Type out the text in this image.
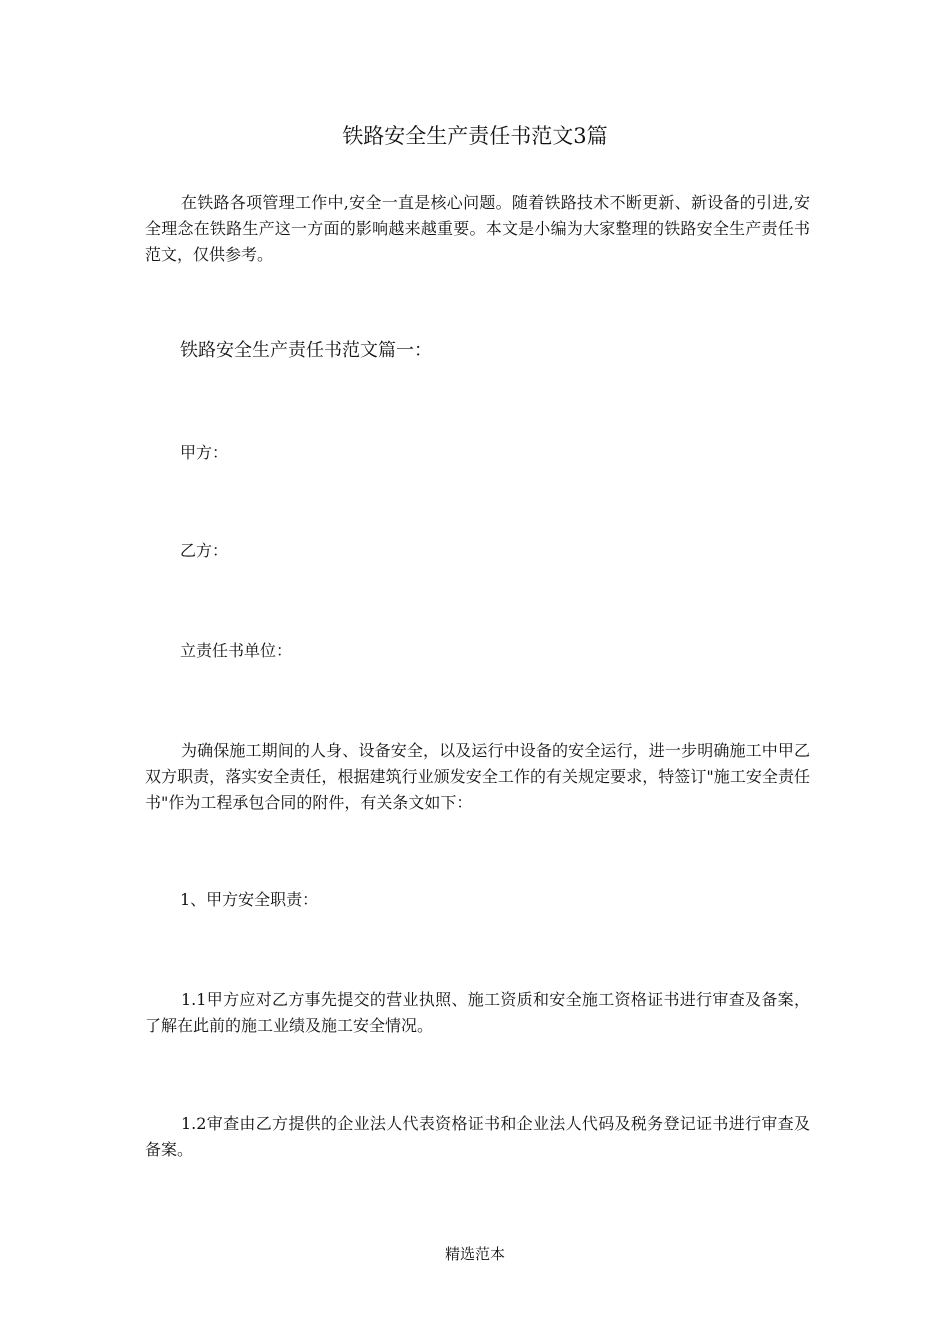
铁路安全生产责任书范文3篇

在铁路各项管理工作中,安全一直是核心问题。随着铁路技术不断更新、新设备的引进,安全理念在铁路生产这一方面的影响越来越重要。本文是小编为大家整理的铁路安全生产责任书范文，仅供参考。

铁路安全生产责任书范文篇一：

甲方：

乙方：

立责任书单位：

为确保施工期间的人身、设备安全，以及运行中设备的安全运行，进一步明确施工中甲乙双方职责，落实安全责任，根据建筑行业颁发安全工作的有关规定要求，特签订"施工安全责任书"作为工程承包合同的附件，有关条文如下：

1、甲方安全职责：

1.1甲方应对乙方事先提交的营业执照、施工资质和安全施工资格证书进行审查及备案，了解在此前的施工业绩及施工安全情况。

1.2审查由乙方提供的企业法人代表资格证书和企业法人代码及税务登记证书进行审查及备案。

精选范本
